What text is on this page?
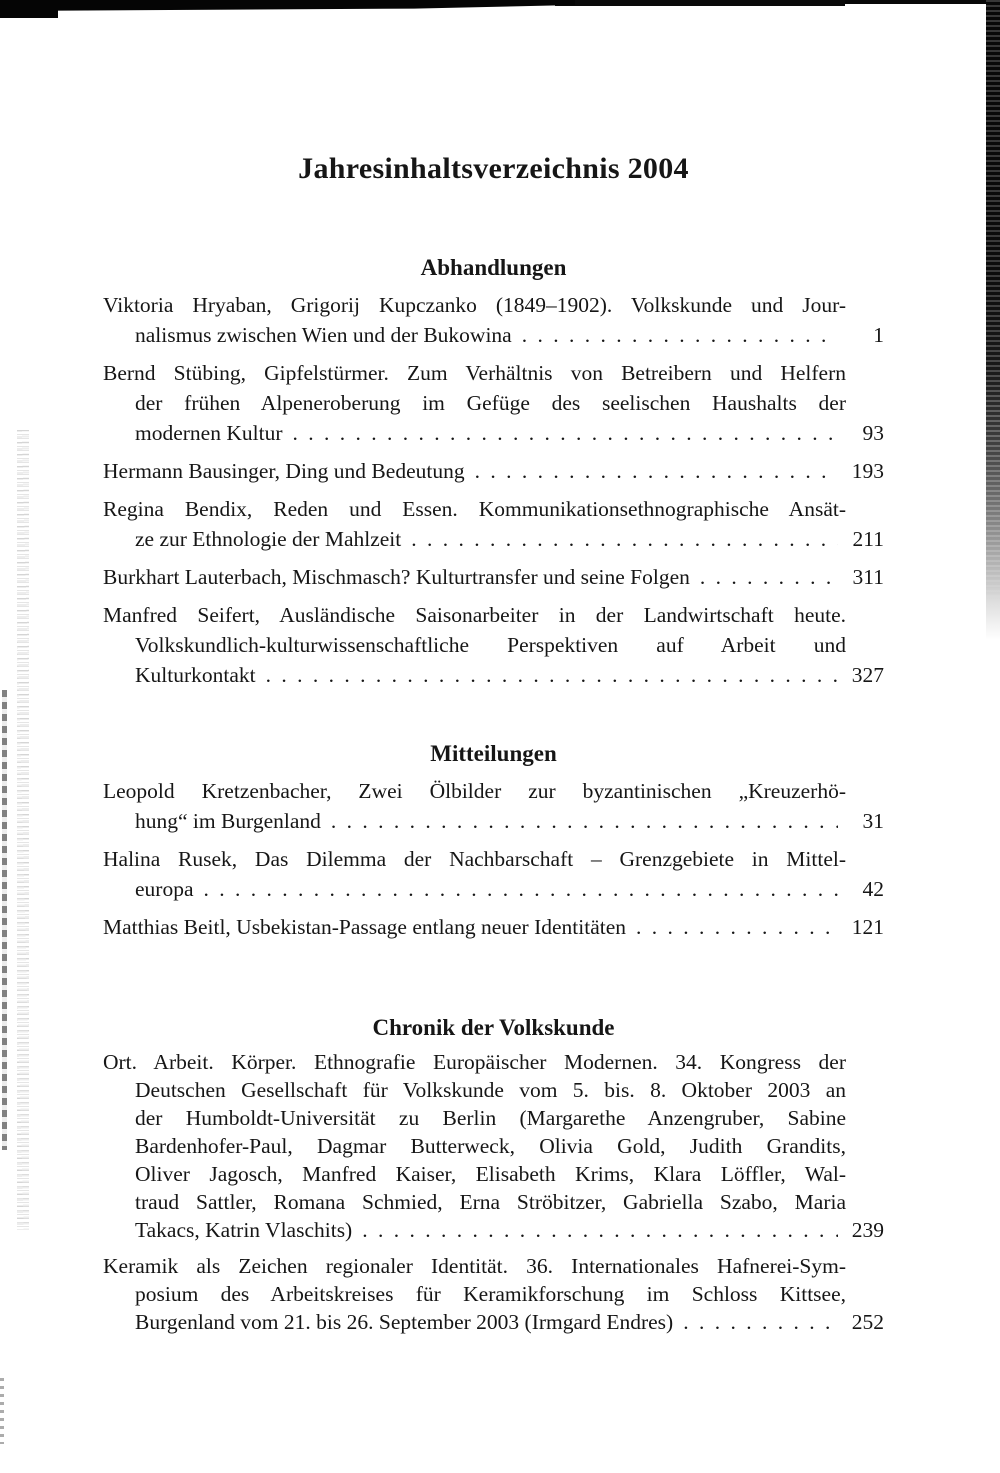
Jahresinhaltsverzeichnis 2004
Abhandlungen
Viktoria Hryaban, Grigorij Kupczanko (1849–1902). Volkskunde und Jour-
nalismus zwischen Wien und der Bukowina . . .	1
Bernd Stübing, Gipfelstürmer. Zum Verhältnis von Betreibern und Helfern
der frühen Alpeneroberung im Gefüge des seelischen Haushalts der
modernen Kultur . . .	93
Hermann Bausinger, Ding und Bedeutung . . .	193
Regina Bendix, Reden und Essen. Kommunikationsethnographische Ansät-
ze zur Ethnologie der Mahlzeit . . .	211
Burkhart Lauterbach, Mischmasch? Kulturtransfer und seine Folgen . . .	311
Manfred Seifert, Ausländische Saisonarbeiter in der Landwirtschaft heute.
Volkskundlich-kulturwissenschaftliche Perspektiven auf Arbeit und
Kulturkontakt . . .	327
Mitteilungen
Leopold Kretzenbacher, Zwei Ölbilder zur byzantinischen „Kreuzerhö-
hung“ im Burgenland . . .	31
Halina Rusek, Das Dilemma der Nachbarschaft – Grenzgebiete in Mittel-
europa . . .	42
Matthias Beitl, Usbekistan-Passage entlang neuer Identitäten . . .	121
Chronik der Volkskunde
Ort. Arbeit. Körper. Ethnografie Europäischer Modernen. 34. Kongress der
Deutschen Gesellschaft für Volkskunde vom 5. bis. 8. Oktober 2003 an
der Humboldt-Universität zu Berlin (Margarethe Anzengruber, Sabine
Bardenhofer-Paul, Dagmar Butterweck, Olivia Gold, Judith Grandits,
Oliver Jagosch, Manfred Kaiser, Elisabeth Krims, Klara Löffler, Wal-
traud Sattler, Romana Schmied, Erna Ströbitzer, Gabriella Szabo, Maria
Takacs, Katrin Vlaschits) . . .	239
Keramik als Zeichen regionaler Identität. 36. Internationales Hafnerei-Sym-
posium des Arbeitskreises für Keramikforschung im Schloss Kittsee,
Burgenland vom 21. bis 26. September 2003 (Irmgard Endres) . . .	252
